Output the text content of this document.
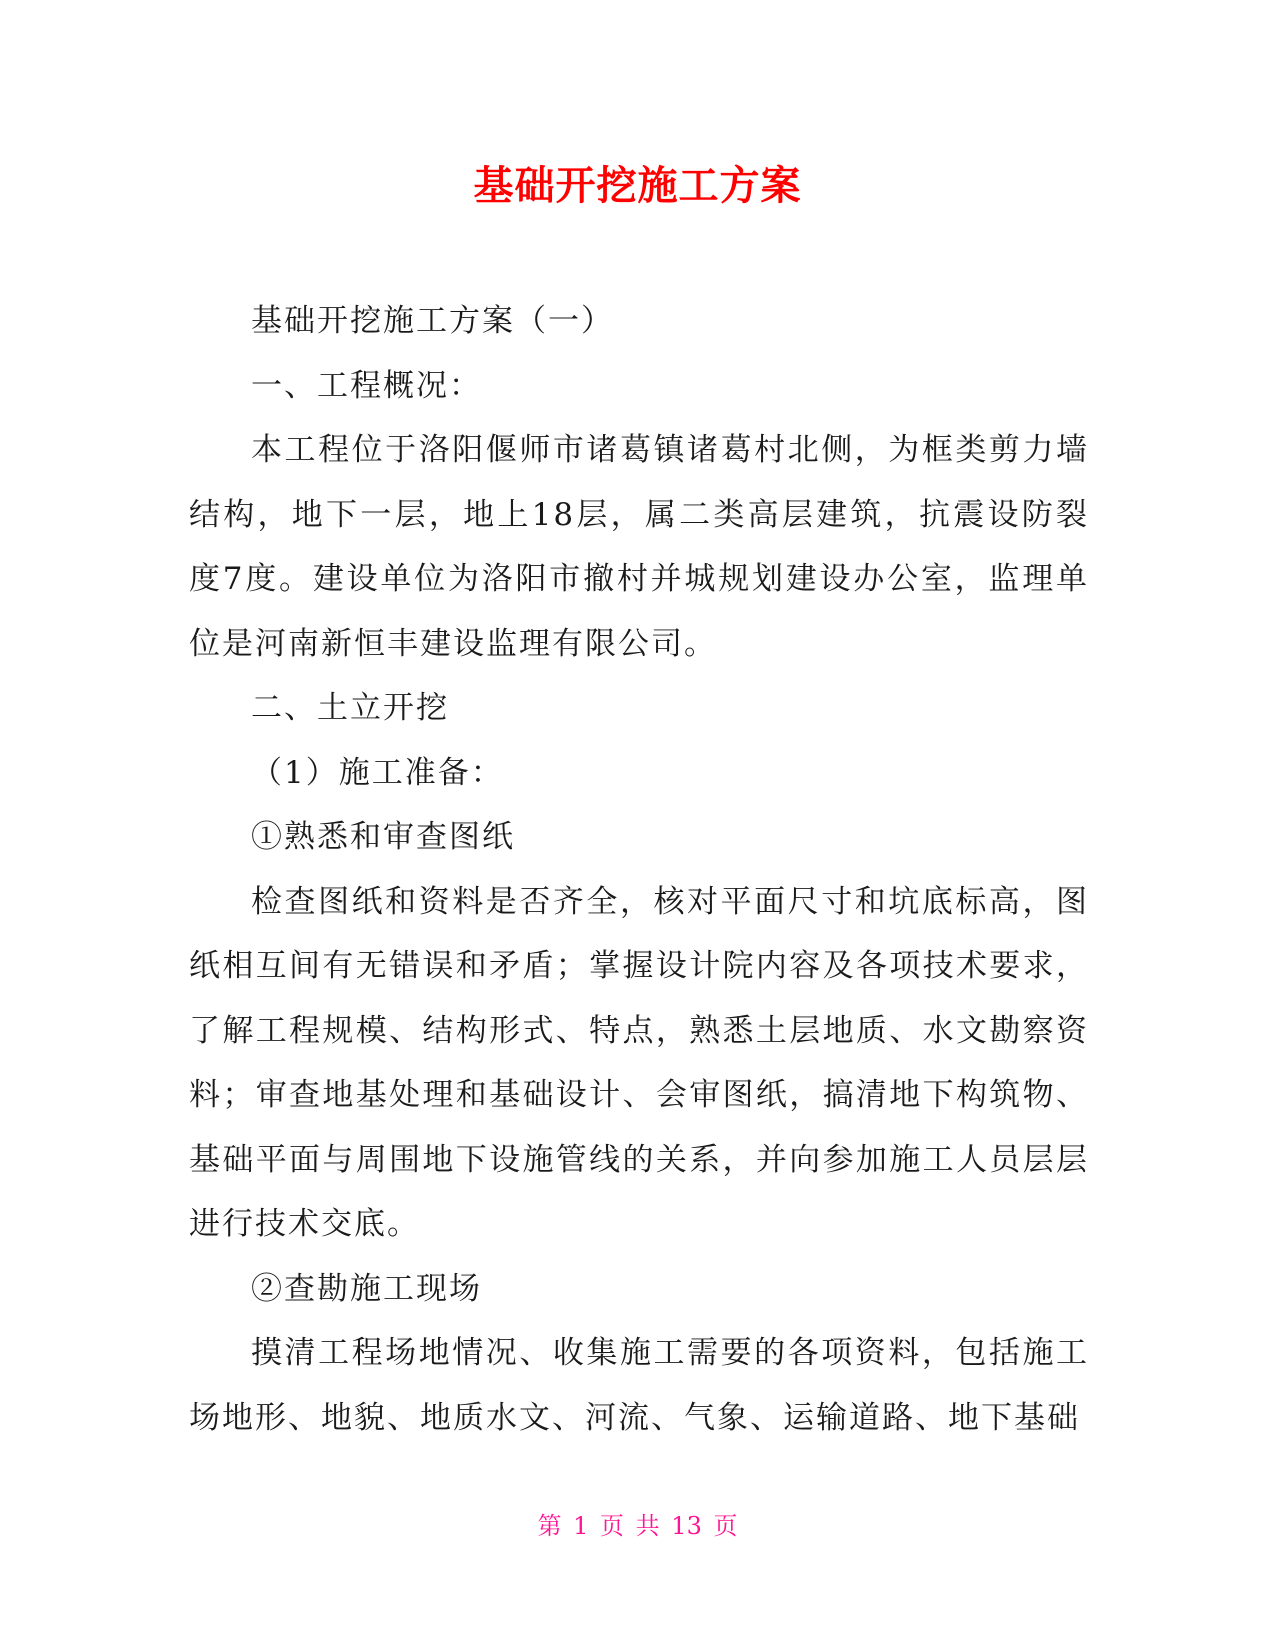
基础开挖施工方案

基础开挖施工方案（一）

一、工程概况：

本工程位于洛阳偃师市诸葛镇诸葛村北侧，为框类剪力墙结构，地下一层，地上18层，属二类高层建筑，抗震设防裂度7度。建设单位为洛阳市撤村并城规划建设办公室，监理单位是河南新恒丰建设监理有限公司。

二、土立开挖

（1）施工准备：

①熟悉和审查图纸

检查图纸和资料是否齐全，核对平面尺寸和坑底标高，图纸相互间有无错误和矛盾；掌握设计院内容及各项技术要求，了解工程规模、结构形式、特点，熟悉土层地质、水文勘察资料；审查地基处理和基础设计、会审图纸，搞清地下构筑物、基础平面与周围地下设施管线的关系，并向参加施工人员层层进行技术交底。

②查勘施工现场

摸清工程场地情况、收集施工需要的各项资料，包括施工场地形、地貌、地质水文、河流、气象、运输道路、地下基础

第 1 页 共 13 页
